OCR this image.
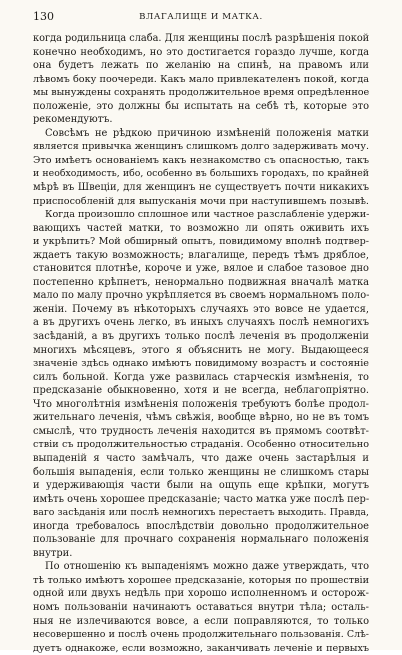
130	ВЛАГАЛИЩЕ И МАТКА.
когда родильница слаба. Для женщины послѣ разрѣшенія покой
конечно необходимъ, но это достигается гораздо лучше, когда
она будетъ лежать по желанію на спинѣ, на правомъ или
лѣвомъ боку поочереди. Какъ мало привлекателенъ покой, когда
мы вынуждены сохранять продолжительное время опредѣленное
положеніе, это должны бы испытать на себѣ тѣ, которые это
рекомендуютъ.
Совсѣмъ не рѣдкою причиною измѣненій положенія матки
является привычка женщинъ слишкомъ долго задерживать мочу.
Это имѣетъ основаніемъ какъ незнакомство съ опасностью, такъ
и необходимость, ибо, особенно въ большихъ городахъ, по крайней
мѣрѣ въ Швеціи, для женщинъ не существуетъ почти никакихъ
приспособленій для выпусканія мочи при наступившемъ позывѣ.
Когда произошло сплошное или частное разслабленіе удержи-
вающихъ частей матки, то возможно ли опять оживить ихъ
и укрѣпить? Мой обширный опытъ, повидимому вполнѣ подтвер-
ждаетъ такую возможность; влагалище, передъ тѣмъ дряблое,
становится плотнѣе, короче и уже, вялое и слабое тазовое дно
постепенно крѣпнетъ, ненормально подвижная вначалѣ матка
мало по малу прочно укрѣпляется въ своемъ нормальномъ поло-
женіи. Почему въ нѣкоторыхъ случаяхъ это вовсе не удается,
а въ другихъ очень легко, въ иныхъ случаяхъ послѣ немногихъ
засѣданій, а въ другихъ только послѣ леченія въ продолженіи
многихъ мѣсяцевъ, этого я объяснить не могу. Выдающееся
значеніе здѣсь однако имѣютъ повидимому возрастъ и состояніе
силъ больной. Когда уже развилась старческія измѣненія, то
предсказаніе обыкновенно, хотя и не всегда, неблагопріятно.
Что многолѣтнія измѣненія положенія требуютъ болѣе продол-
жительнаго леченія, чѣмъ свѣжія, вообще вѣрно, но не въ томъ
смыслѣ, что трудность леченія находится въ прямомъ соотвѣт-
ствіи съ продолжительностью страданія. Особенно относительно
выпаденій я часто замѣчалъ, что даже очень застарѣлыя и
большія выпаденія, если только женщины не слишкомъ стары
и удерживающія части были на ощупь еще крѣпки, могутъ
имѣть очень хорошее предсказаніе; часто матка уже послѣ пер-
ваго засѣданія или послѣ немногихъ перестаетъ выходить. Правда,
иногда требовалось впослѣдствіи довольно продолжительное
пользованіе для прочнаго сохраненія нормальнаго положенія
внутри.
По отношенію къ выпаденіямъ можно даже утверждать, что
тѣ только имѣютъ хорошее предсказаніе, которыя по прошествіи
одной или двухъ недѣль при хорошо исполненномъ и осторож-
номъ пользованіи начинаютъ оставаться внутри тѣла; осталь-
ныя не излечиваются вовсе, а если поправляются, то только
несовершенно и послѣ очень продолжительнаго пользованія. Слѣ-
дуетъ однакоже, если возможно, заканчивать леченіе и первыхъ
